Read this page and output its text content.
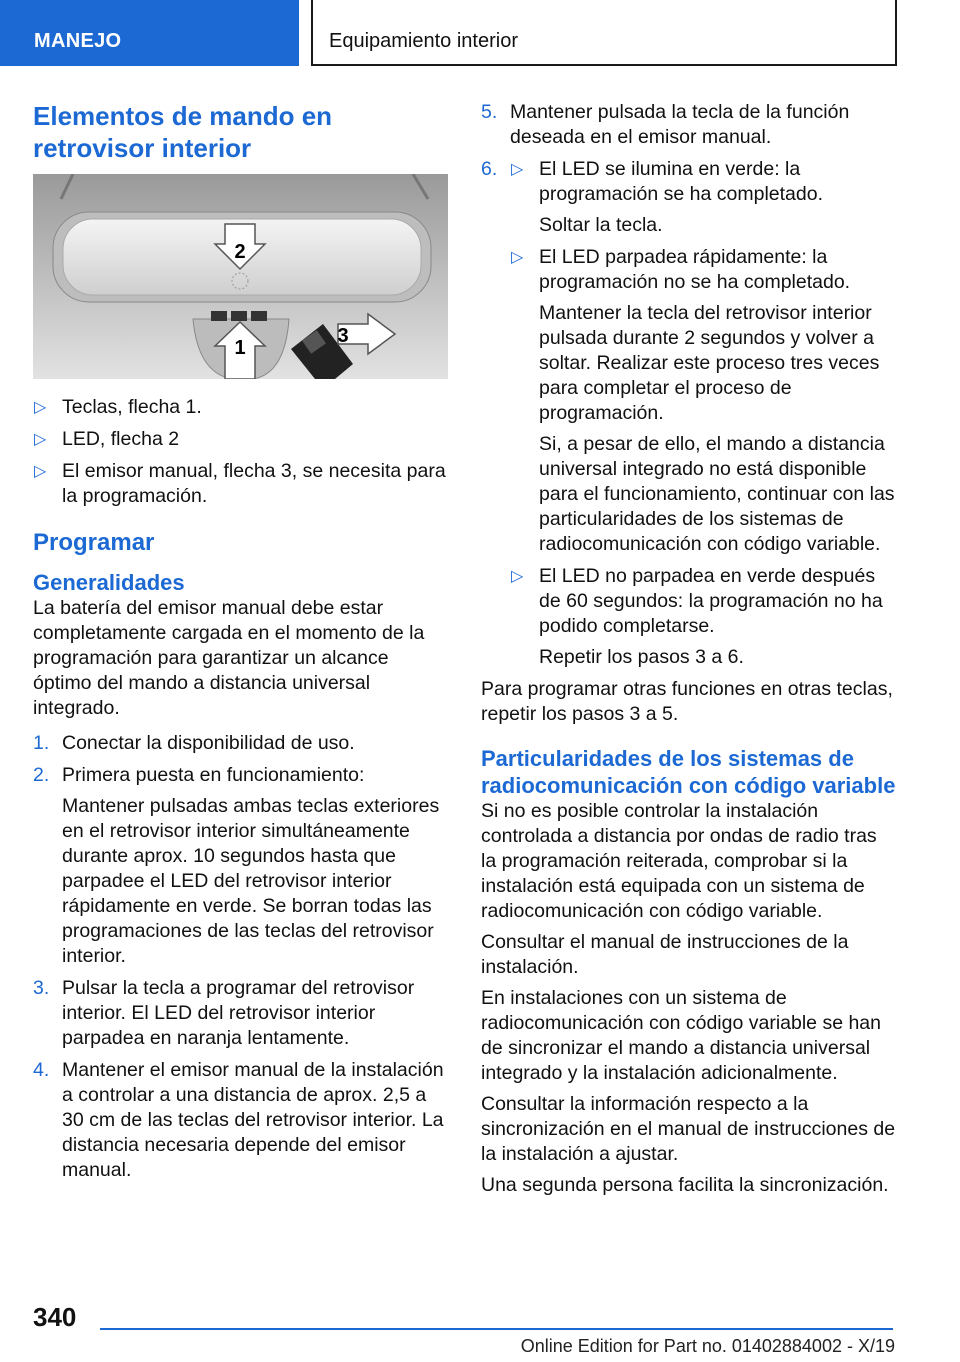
MANEJO	Equipamiento interior
Elementos de mando en retrovisor interior
2
1
3
▷ Teclas, flecha 1.
▷ LED, flecha 2
▷ El emisor manual, flecha 3, se necesita para la programación.
Programar
Generalidades

La batería del emisor manual debe estar completamente cargada en el momento de la programación para garantizar un alcance óptimo del mando a distancia universal integrado.

1. Conectar la disponibilidad de uso.
2. Primera puesta en funcionamiento:
Mantener pulsadas ambas teclas exteriores en el retrovisor interior simultáneamente durante aprox. 10 segundos hasta que parpadee el LED del retrovisor interior rápidamente en verde. Se borran todas las programaciones de las teclas del retrovisor interior.
3. Pulsar la tecla a programar del retrovisor interior. El LED del retrovisor interior parpadea en naranja lentamente.
4. Mantener el emisor manual de la instalación a controlar a una distancia de aprox. 2,5 a 30 cm de las teclas del retrovisor interior. La distancia necesaria depende del emisor manual.
5. Mantener pulsada la tecla de la función deseada en el emisor manual.
6. ▷ El LED se ilumina en verde: la programación se ha completado.
Soltar la tecla.
▷ El LED parpadea rápidamente: la programación no se ha completado.
Mantener la tecla del retrovisor interior pulsada durante 2 segundos y volver a soltar. Realizar este proceso tres veces para completar el proceso de programación.
Si, a pesar de ello, el mando a distancia universal integrado no está disponible para el funcionamiento, continuar con las particularidades de los sistemas de radiocomunicación con código variable.
▷ El LED no parpadea en verde después de 60 segundos: la programación no ha podido completarse.
Repetir los pasos 3 a 6.

Para programar otras funciones en otras teclas, repetir los pasos 3 a 5.

Particularidades de los sistemas de radiocomunicación con código variable

Si no es posible controlar la instalación controlada a distancia por ondas de radio tras la programación reiterada, comprobar si la instalación está equipada con un sistema de radiocomunicación con código variable.

Consultar el manual de instrucciones de la instalación.

En instalaciones con un sistema de radiocomunicación con código variable se han de sincronizar el mando a distancia universal integrado y la instalación adicionalmente.

Consultar la información respecto a la sincronización en el manual de instrucciones de la instalación a ajustar.

Una segunda persona facilita la sincronización.

340
Online Edition for Part no. 01402884002 - X/19
